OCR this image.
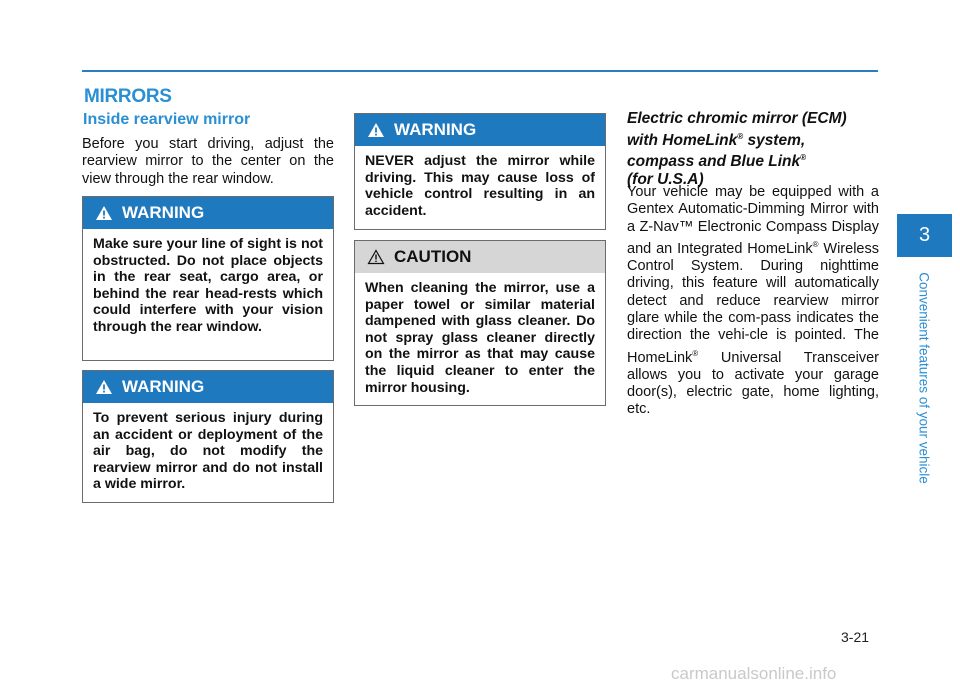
MIRRORS
Inside rearview mirror

Before you start driving, adjust the rearview mirror to the center on the view through the rear window.

WARNING
Make sure your line of sight is not obstructed. Do not place objects in the rear seat, cargo area, or behind the rear head-rests which could interfere with your vision through the rear window.
WARNING
To prevent serious injury during an accident or deployment of the air bag, do not modify the rearview mirror and do not install a wide mirror.
WARNING
NEVER adjust the mirror while driving. This may cause loss of vehicle control resulting in an accident.
CAUTION
When cleaning the mirror, use a paper towel or similar material dampened with glass cleaner. Do not spray glass cleaner directly on the mirror as that may cause the liquid cleaner to enter the mirror housing.
Electric chromic mirror (ECM)
with HomeLink® system,
compass and Blue Link®
(for U.S.A)

Your vehicle may be equipped with a Gentex Automatic-Dimming Mirror with a Z-Nav™ Electronic Compass Display and an Integrated HomeLink® Wireless Control System. During nighttime driving, this feature will automatically detect and reduce rearview mirror glare while the com-pass indicates the direction the vehi-cle is pointed. The HomeLink® Universal Transceiver allows you to activate your garage door(s), electric gate, home lighting, etc.

3
Convenient features of your vehicle
3-21
carmanualsonline.info
